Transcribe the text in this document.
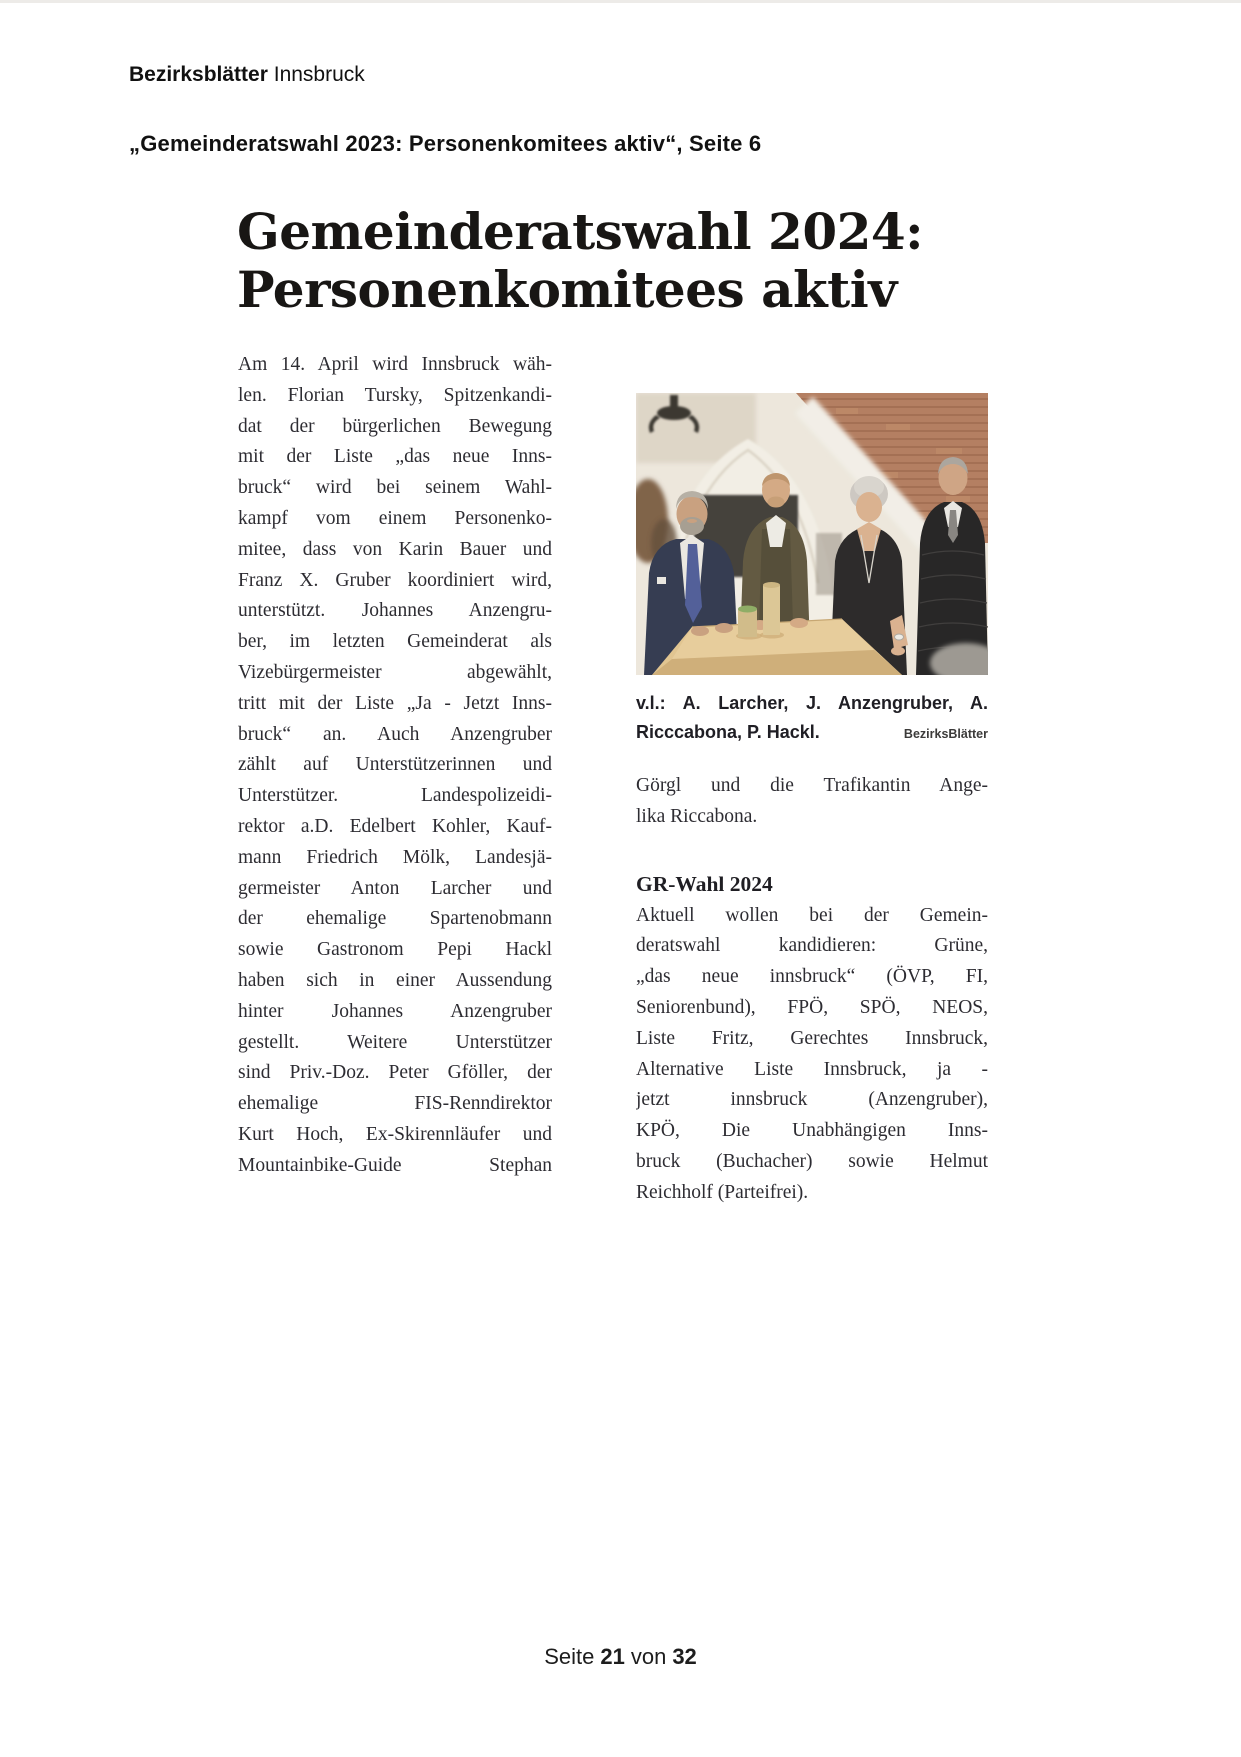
Bezirksblätter Innsbruck
„Gemeinderatswahl 2023: Personenkomitees aktiv“, Seite 6
Gemeinderatswahl 2024:
Personenkomitees aktiv
Am 14. April wird Innsbruck wäh-
len. Florian Tursky, Spitzenkandi-
dat der bürgerlichen Bewegung
mit der Liste „das neue Inns-
bruck“ wird bei seinem Wahl-
kampf vom einem Personenko-
mitee, dass von Karin Bauer und
Franz X. Gruber koordiniert wird,
unterstützt. Johannes Anzengru-
ber, im letzten Gemeinderat als
Vizebürgermeister abgewählt,
tritt mit der Liste „Ja - Jetzt Inns-
bruck“ an. Auch Anzengruber
zählt auf Unterstützerinnen und
Unterstützer. Landespolizeidi-
rektor a.D. Edelbert Kohler, Kauf-
mann Friedrich Mölk, Landesjä-
germeister Anton Larcher und
der ehemalige Spartenobmann
sowie Gastronom Pepi Hackl
haben sich in einer Aussendung
hinter Johannes Anzengruber
gestellt. Weitere Unterstützer
sind Priv.-Doz. Peter Gföller, der
ehemalige FIS-Renndirektor
Kurt Hoch, Ex-Skirennläufer und
Mountainbike-Guide Stephan
v.l.: A. Larcher, J. Anzengruber, A.
Ricccabona, P. Hackl.	BezirksBlätter
Görgl und die Trafikantin Ange-
lika Riccabona.
GR-Wahl 2024
Aktuell wollen bei der Gemein-
deratswahl kandidieren: Grüne,
„das neue innsbruck“ (ÖVP, FI,
Seniorenbund), FPÖ, SPÖ, NEOS,
Liste Fritz, Gerechtes Innsbruck,
Alternative Liste Innsbruck, ja -
jetzt innsbruck (Anzengruber),
KPÖ, Die Unabhängigen Inns-
bruck (Buchacher) sowie Helmut
Reichholf (Parteifrei).
Seite 21 von 32
